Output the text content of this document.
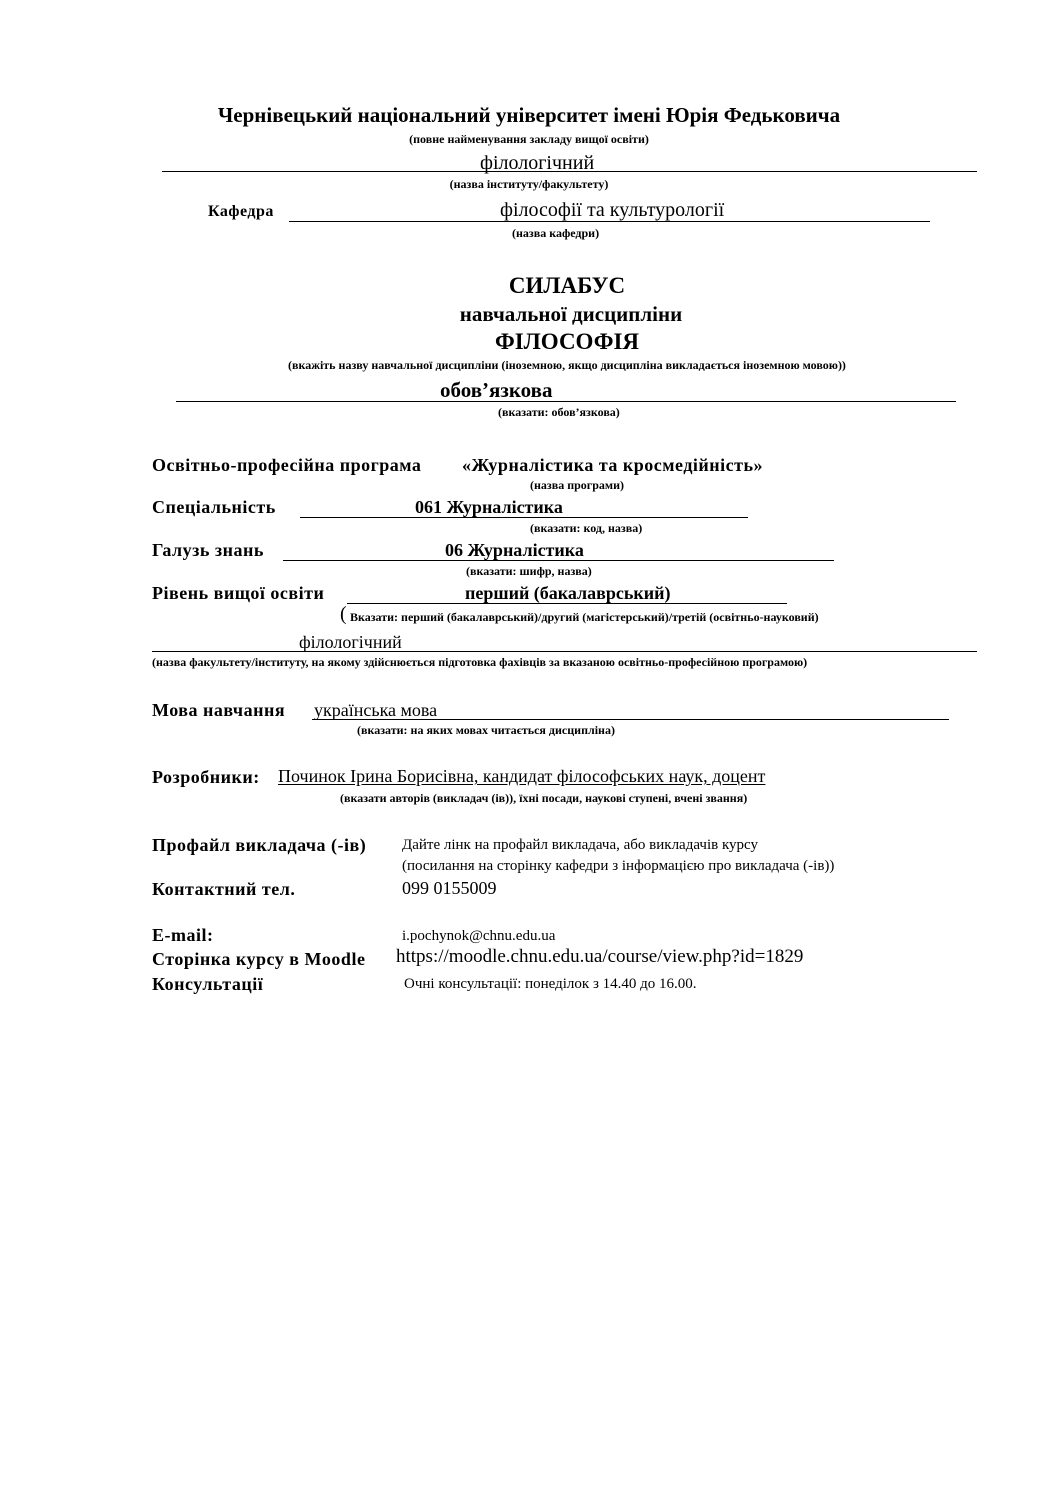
Чернівецький національний університет імені Юрія Федьковича
(повне найменування закладу вищої освіти)
філологічний
(назва інституту/факультету)
Кафедра	філософії та культурології
(назва кафедри)
СИЛАБУС
навчальної дисципліни
ФІЛОСОФІЯ
(вкажіть назву навчальної дисципліни (іноземною, якщо дисципліна викладається іноземною мовою))
обов’язкова
(вказати: обов’язкова)
Освітньо-професійна програма «Журналістика та кросмедійність»
(назва програми)
Спеціальність	061 Журналістика
(вказати: код, назва)
Галузь знань	06 Журналістика
(вказати: шифр, назва)
Рівень вищої освіти	перший (бакалаврський)
( Вказати: перший (бакалаврський)/другий (магістерський)/третій (освітньо-науковий)
філологічний
(назва факультету/інституту, на якому здійснюється підготовка фахівців за вказаною освітньо-професійною програмою)
Мова навчання українська мова
(вказати: на яких мовах читається дисципліна)
Розробники: Починок Ірина Борисівна, кандидат філософських наук, доцент
(вказати авторів (викладач (ів)), їхні посади, наукові ступені, вчені звання)
Профайл викладача (-ів) Дайте лінк на профайл викладача, або викладачів курсу
(посилання на сторінку кафедри з інформацією про викладача (-ів))
Контактний тел.	099 0155009
E-mail:	i.pochynok@chnu.edu.ua
Сторінка курсу в Moodle https://moodle.chnu.edu.ua/course/view.php?id=1829
Консультації	Очні консультації: понеділок з 14.40 до 16.00.
